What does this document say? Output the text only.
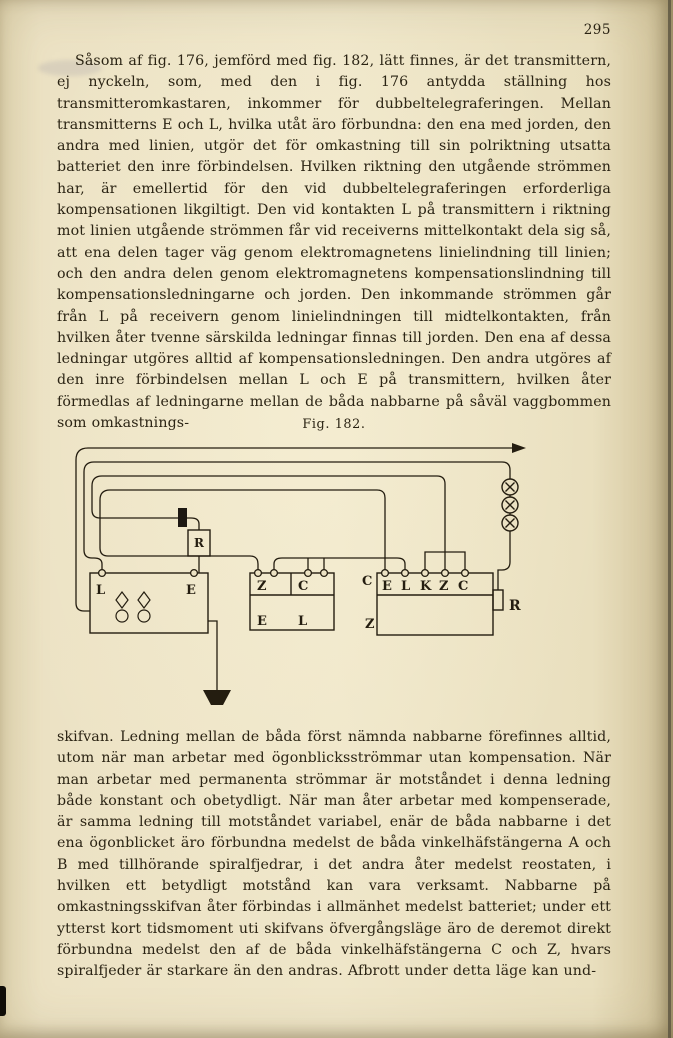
295
Såsom af fig. 176, jemförd med fig. 182, lätt finnes, är det transmittern, ej nyckeln, som, med den i fig. 176 antydda ställning hos transmitteromkastaren, inkommer för dubbeltelegraferingen. Mellan transmitterns E och L, hvilka utåt äro förbundna: den ena med jorden, den andra med linien, utgör det för omkastning till sin polriktning utsatta batteriet den inre förbindelsen. Hvilken riktning den utgående strömmen har, är emellertid för den vid dubbeltelegraferingen erforderliga kompensationen likgiltigt. Den vid kontakten L på transmittern i riktning mot linien utgående strömmen får vid receiverns mittelkontakt dela sig så, att ena delen tager väg genom elektromagnetens linielindning till linien; och den andra delen genom elektromagnetens kompensationslindning till kompensationsledningarne och jorden. Den inkommande strömmen går från L på receivern genom linielindningen till midtelkontakten, från hvilken åter tvenne särskilda ledningar finnas till jorden. Den ena af dessa ledningar utgöres alltid af kompensationsledningen. Den andra utgöres af den inre förbindelsen mellan L och E på transmittern, hvilken åter förmedlas af ledningarne mellan de båda nabbarne på såväl vaggbommen som omkastnings-	Fig. 182.
L	E
R
Z C
E L
C E L K Z C
Z
R
skifvan. Ledning mellan de båda först nämnda nabbarne förefinnes alltid, utom när man arbetar med ögonblicksströmmar utan kompensation. När man arbetar med permanenta strömmar är motståndet i denna ledning både konstant och obetydligt. När man åter arbetar med kompenserade, är samma ledning till motståndet variabel, enär de båda nabbarne i det ena ögonblicket äro förbundna medelst de båda vinkelhäfstängerna A och B med tillhörande spiralfjedrar, i det andra åter medelst reostaten, i hvilken ett betydligt motstånd kan vara verksamt. Nabbarne på omkastningsskifvan åter förbindas i allmänhet medelst batteriet; under ett ytterst kort tidsmoment uti skifvans öfvergångsläge äro de deremot direkt förbundna medelst den af de båda vinkelhäfstängerna C och Z, hvars spiralfjeder är starkare än den andras. Afbrott under detta läge kan und-
